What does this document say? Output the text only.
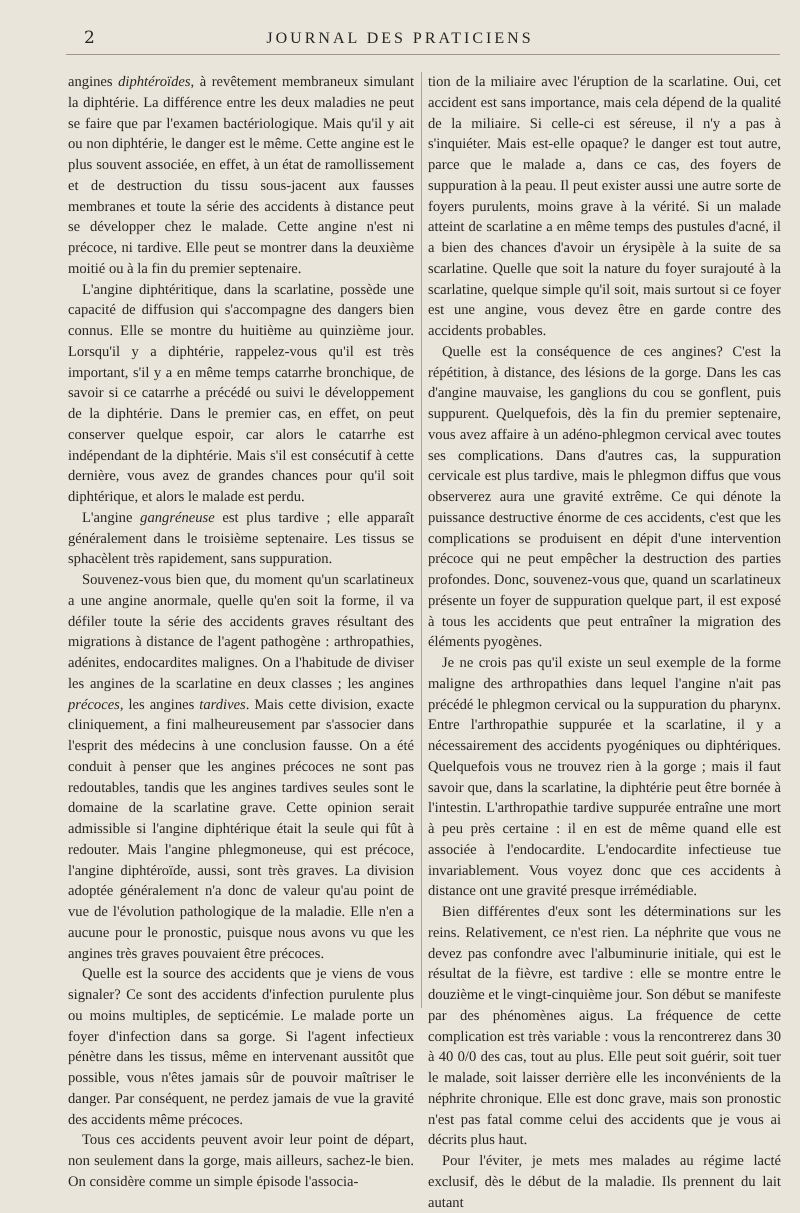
2	JOURNAL DES PRATICIENS

angines diphtéroïdes, à revêtement membraneux simulant la diphtérie. La différence entre les deux maladies ne peut se faire que par l'examen bactériologique. Mais qu'il y ait ou non diphtérie, le danger est le même. Cette angine est le plus souvent associée, en effet, à un état de ramollissement et de destruction du tissu sous-jacent aux fausses membranes et toute la série des accidents à distance peut se développer chez le malade. Cette angine n'est ni précoce, ni tardive. Elle peut se montrer dans la deuxième moitié ou à la fin du premier septenaire.

L'angine diphtéritique, dans la scarlatine, possède une capacité de diffusion qui s'accompagne des dangers bien connus. Elle se montre du huitième au quinzième jour. Lorsqu'il y a diphtérie, rappelez-vous qu'il est très important, s'il y a en même temps catarrhe bronchique, de savoir si ce catarrhe a précédé ou suivi le développement de la diphtérie. Dans le premier cas, en effet, on peut conserver quelque espoir, car alors le catarrhe est indépendant de la diphtérie. Mais s'il est consécutif à cette dernière, vous avez de grandes chances pour qu'il soit diphtérique, et alors le malade est perdu.

L'angine gangréneuse est plus tardive ; elle apparaît généralement dans le troisième septenaire. Les tissus se sphacèlent très rapidement, sans suppuration.

Souvenez-vous bien que, du moment qu'un scarlatineux a une angine anormale, quelle qu'en soit la forme, il va défiler toute la série des accidents graves résultant des migrations à distance de l'agent pathogène : arthropathies, adénites, endocardites malignes. On a l'habitude de diviser les angines de la scarlatine en deux classes ; les angines précoces, les angines tardives. Mais cette division, exacte cliniquement, a fini malheureusement par s'associer dans l'esprit des médecins à une conclusion fausse. On a été conduit à penser que les angines précoces ne sont pas redoutables, tandis que les angines tardives seules sont le domaine de la scarlatine grave. Cette opinion serait admissible si l'angine diphtérique était la seule qui fût à redouter. Mais l'angine phlegmoneuse, qui est précoce, l'angine diphtéroïde, aussi, sont très graves. La division adoptée généralement n'a donc de valeur qu'au point de vue de l'évolution pathologique de la maladie. Elle n'en a aucune pour le pronostic, puisque nous avons vu que les angines très graves pouvaient être précoces.

Quelle est la source des accidents que je viens de vous signaler? Ce sont des accidents d'infection purulente plus ou moins multiples, de septicémie. Le malade porte un foyer d'infection dans sa gorge. Si l'agent infectieux pénètre dans les tissus, même en intervenant aussitôt que possible, vous n'êtes jamais sûr de pouvoir maîtriser le danger. Par conséquent, ne perdez jamais de vue la gravité des accidents même précoces.

Tous ces accidents peuvent avoir leur point de départ, non seulement dans la gorge, mais ailleurs, sachez-le bien. On considère comme un simple épisode l'associa-

tion de la miliaire avec l'éruption de la scarlatine. Oui, cet accident est sans importance, mais cela dépend de la qualité de la miliaire. Si celle-ci est séreuse, il n'y a pas à s'inquiéter. Mais est-elle opaque? le danger est tout autre, parce que le malade a, dans ce cas, des foyers de suppuration à la peau. Il peut exister aussi une autre sorte de foyers purulents, moins grave à la vérité. Si un malade atteint de scarlatine a en même temps des pustules d'acné, il a bien des chances d'avoir un érysipèle à la suite de sa scarlatine. Quelle que soit la nature du foyer surajouté à la scarlatine, quelque simple qu'il soit, mais surtout si ce foyer est une angine, vous devez être en garde contre des accidents probables.

Quelle est la conséquence de ces angines? C'est la répétition, à distance, des lésions de la gorge. Dans les cas d'angine mauvaise, les ganglions du cou se gonflent, puis suppurent. Quelquefois, dès la fin du premier septenaire, vous avez affaire à un adéno-phlegmon cervical avec toutes ses complications. Dans d'autres cas, la suppuration cervicale est plus tardive, mais le phlegmon diffus que vous observerez aura une gravité extrême. Ce qui dénote la puissance destructive énorme de ces accidents, c'est que les complications se produisent en dépit d'une intervention précoce qui ne peut empêcher la destruction des parties profondes. Donc, souvenez-vous que, quand un scarlatineux présente un foyer de suppuration quelque part, il est exposé à tous les accidents que peut entraîner la migration des éléments pyogènes.

Je ne crois pas qu'il existe un seul exemple de la forme maligne des arthropathies dans lequel l'angine n'ait pas précédé le phlegmon cervical ou la suppuration du pharynx. Entre l'arthropathie suppurée et la scarlatine, il y a nécessairement des accidents pyogéniques ou diphtériques. Quelquefois vous ne trouvez rien à la gorge ; mais il faut savoir que, dans la scarlatine, la diphtérie peut être bornée à l'intestin. L'arthropathie tardive suppurée entraîne une mort à peu près certaine : il en est de même quand elle est associée à l'endocardite. L'endocardite infectieuse tue invariablement. Vous voyez donc que ces accidents à distance ont une gravité presque irrémédiable.

Bien différentes d'eux sont les déterminations sur les reins. Relativement, ce n'est rien. La néphrite que vous ne devez pas confondre avec l'albuminurie initiale, qui est le résultat de la fièvre, est tardive : elle se montre entre le douzième et le vingt-cinquième jour. Son début se manifeste par des phénomènes aigus. La fréquence de cette complication est très variable : vous la rencontrerez dans 30 à 40 0/0 des cas, tout au plus. Elle peut soit guérir, soit tuer le malade, soit laisser derrière elle les inconvénients de la néphrite chronique. Elle est donc grave, mais son pronostic n'est pas fatal comme celui des accidents que je vous ai décrits plus haut.

Pour l'éviter, je mets mes malades au régime lacté exclusif, dès le début de la maladie. Ils prennent du lait autant
